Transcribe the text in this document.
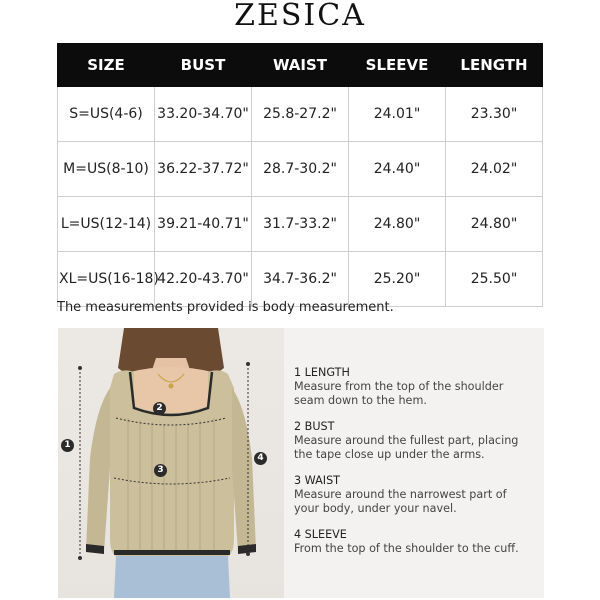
ZESICA
SIZE	BUST	WAIST	SLEEVE	LENGTH
S=US(4-6)	33.20-34.70"	25.8-27.2"	24.01"	23.30"
M=US(8-10)	36.22-37.72"	28.7-30.2"	24.40"	24.02"
L=US(12-14)	39.21-40.71"	31.7-33.2"	24.80"	24.80"
XL=US(16-18)	42.20-43.70"	34.7-36.2"	25.20"	25.50"
The measurements provided is body measurement.
1
2
3
4
1 LENGTH
Measure from the top of the shoulder seam down to the hem.
2 BUST
Measure around the fullest part, placing the tape close up under the arms.
3 WAIST
Measure around the narrowest part of your body, under your navel.
4 SLEEVE
From the top of the shoulder to the cuff.
